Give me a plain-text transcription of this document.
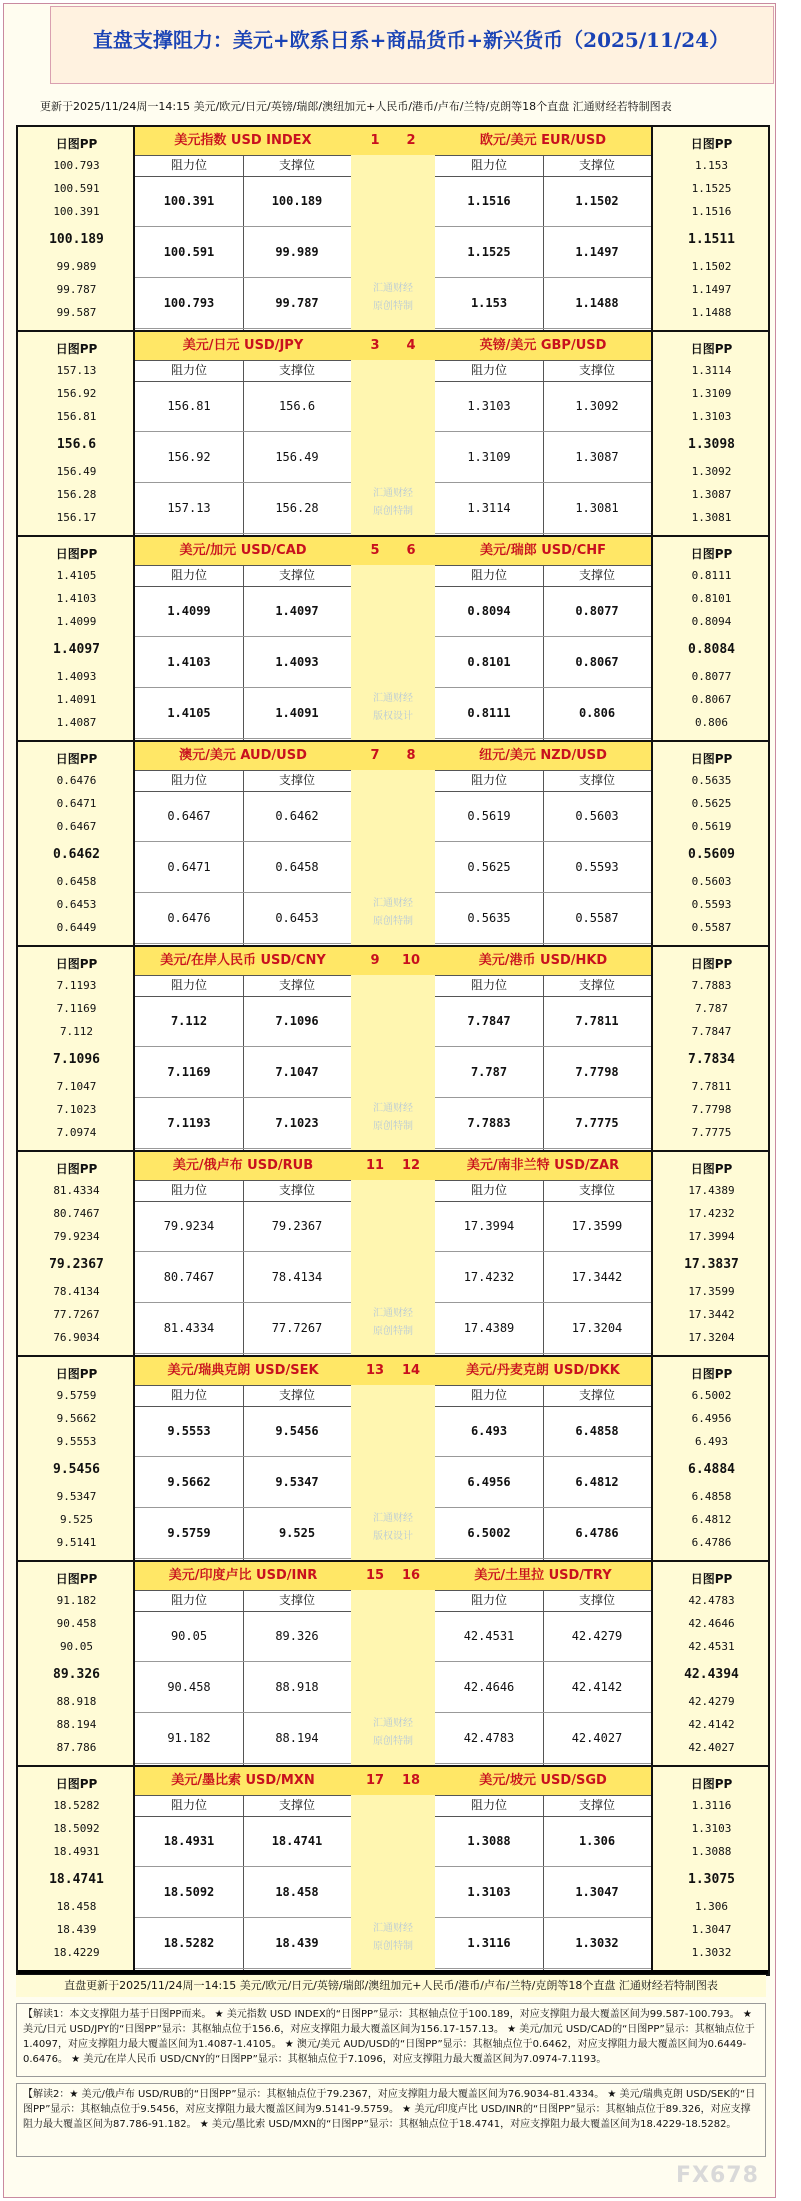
直盘支撑阻力：美元+欧系日系+商品货币+新兴货币（2025/11/24）
更新于2025/11/24周一14:15 美元/欧元/日元/英镑/瑞郎/澳纽加元+人民币/港币/卢布/兰特/克朗等18个直盘 汇通财经若特制图表
日图PP
100.793
100.591
100.391
100.189
99.989
99.787
99.587
日图PP
1.153
1.1525
1.1516
1.1511
1.1502
1.1497
1.1488
美元指数 USD INDEX
阻力位	支撑位
100.391	100.189
100.591	99.989
100.793	99.787
欧元/美元 EUR/USD
阻力位	支撑位
1.1516	1.1502
1.1525	1.1497
1.153	1.1488
1 2
汇通财经
原创特制
日图PP
157.13
156.92
156.81
156.6
156.49
156.28
156.17
日图PP
1.3114
1.3109
1.3103
1.3098
1.3092
1.3087
1.3081
美元/日元 USD/JPY
阻力位	支撑位
156.81	156.6
156.92	156.49
157.13	156.28
英镑/美元 GBP/USD
阻力位	支撑位
1.3103	1.3092
1.3109	1.3087
1.3114	1.3081
3 4
汇通财经
原创特制
日图PP
1.4105
1.4103
1.4099
1.4097
1.4093
1.4091
1.4087
日图PP
0.8111
0.8101
0.8094
0.8084
0.8077
0.8067
0.806
美元/加元 USD/CAD
阻力位	支撑位
1.4099	1.4097
1.4103	1.4093
1.4105	1.4091
美元/瑞郎 USD/CHF
阻力位	支撑位
0.8094	0.8077
0.8101	0.8067
0.8111	0.806
5 6
汇通财经
版权设计
日图PP
0.6476
0.6471
0.6467
0.6462
0.6458
0.6453
0.6449
日图PP
0.5635
0.5625
0.5619
0.5609
0.5603
0.5593
0.5587
澳元/美元 AUD/USD
阻力位	支撑位
0.6467	0.6462
0.6471	0.6458
0.6476	0.6453
纽元/美元 NZD/USD
阻力位	支撑位
0.5619	0.5603
0.5625	0.5593
0.5635	0.5587
7 8
汇通财经
原创特制
日图PP
7.1193
7.1169
7.112
7.1096
7.1047
7.1023
7.0974
日图PP
7.7883
7.787
7.7847
7.7834
7.7811
7.7798
7.7775
美元/在岸人民币 USD/CNY
阻力位	支撑位
7.112	7.1096
7.1169	7.1047
7.1193	7.1023
美元/港币 USD/HKD
阻力位	支撑位
7.7847	7.7811
7.787	7.7798
7.7883	7.7775
9 10
汇通财经
原创特制
日图PP
81.4334
80.7467
79.9234
79.2367
78.4134
77.7267
76.9034
日图PP
17.4389
17.4232
17.3994
17.3837
17.3599
17.3442
17.3204
美元/俄卢布 USD/RUB
阻力位	支撑位
79.9234	79.2367
80.7467	78.4134
81.4334	77.7267
美元/南非兰特 USD/ZAR
阻力位	支撑位
17.3994	17.3599
17.4232	17.3442
17.4389	17.3204
11 12
汇通财经
原创特制
日图PP
9.5759
9.5662
9.5553
9.5456
9.5347
9.525
9.5141
日图PP
6.5002
6.4956
6.493
6.4884
6.4858
6.4812
6.4786
美元/瑞典克朗 USD/SEK
阻力位	支撑位
9.5553	9.5456
9.5662	9.5347
9.5759	9.525
美元/丹麦克朗 USD/DKK
阻力位	支撑位
6.493	6.4858
6.4956	6.4812
6.5002	6.4786
13 14
汇通财经
版权设计
日图PP
91.182
90.458
90.05
89.326
88.918
88.194
87.786
日图PP
42.4783
42.4646
42.4531
42.4394
42.4279
42.4142
42.4027
美元/印度卢比 USD/INR
阻力位	支撑位
90.05	89.326
90.458	88.918
91.182	88.194
美元/土里拉 USD/TRY
阻力位	支撑位
42.4531	42.4279
42.4646	42.4142
42.4783	42.4027
15 16
汇通财经
原创特制
日图PP
18.5282
18.5092
18.4931
18.4741
18.458
18.439
18.4229
日图PP
1.3116
1.3103
1.3088
1.3075
1.306
1.3047
1.3032
美元/墨比索 USD/MXN
阻力位	支撑位
18.4931	18.4741
18.5092	18.458
18.5282	18.439
美元/坡元 USD/SGD
阻力位	支撑位
1.3088	1.306
1.3103	1.3047
1.3116	1.3032
17 18
汇通财经
原创特制
直盘更新于2025/11/24周一14:15 美元/欧元/日元/英镑/瑞郎/澳纽加元+人民币/港币/卢布/兰特/克朗等18个直盘 汇通财经若特制图表
【解读1：本文支撑阻力基于日图PP而来。 ★ 美元指数 USD INDEX的“日图PP”显示：其枢轴点位于100.189，对应支撑阻力最大覆盖区间为99.587-100.793。 ★ 美元/日元 USD/JPY的“日图PP”显示：其枢轴点位于156.6，对应支撑阻力最大覆盖区间为156.17-157.13。 ★ 美元/加元 USD/CAD的“日图PP”显示：其枢轴点位于1.4097，对应支撑阻力最大覆盖区间为1.4087-1.4105。 ★ 澳元/美元 AUD/USD的“日图PP”显示：其枢轴点位于0.6462，对应支撑阻力最大覆盖区间为0.6449-0.6476。 ★ 美元/在岸人民币 USD/CNY的“日图PP”显示：其枢轴点位于7.1096，对应支撑阻力最大覆盖区间为7.0974-7.1193。
【解读2：★ 美元/俄卢布 USD/RUB的“日图PP”显示：其枢轴点位于79.2367，对应支撑阻力最大覆盖区间为76.9034-81.4334。 ★ 美元/瑞典克朗 USD/SEK的“日图PP”显示：其枢轴点位于9.5456，对应支撑阻力最大覆盖区间为9.5141-9.5759。 ★ 美元/印度卢比 USD/INR的“日图PP”显示：其枢轴点位于89.326，对应支撑阻力最大覆盖区间为87.786-91.182。 ★ 美元/墨比索 USD/MXN的“日图PP”显示：其枢轴点位于18.4741，对应支撑阻力最大覆盖区间为18.4229-18.5282。
FX678
